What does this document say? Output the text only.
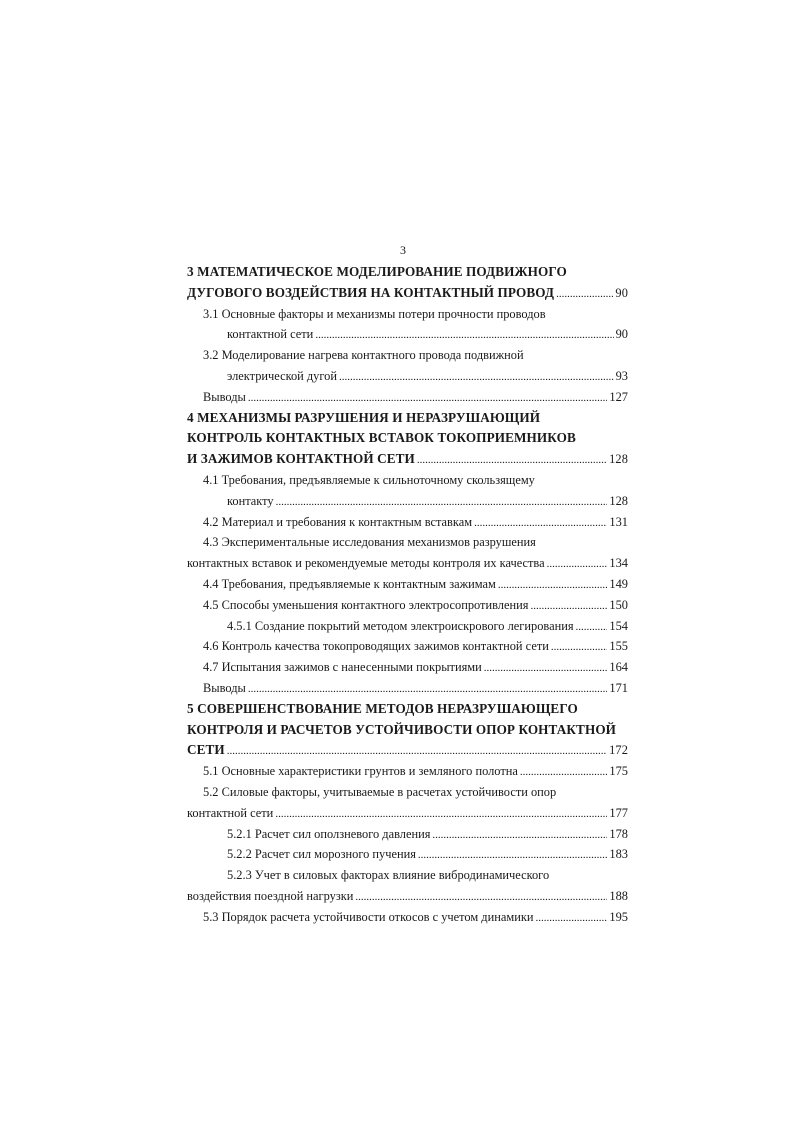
3
3 МАТЕМАТИЧЕСКОЕ МОДЕЛИРОВАНИЕ ПОДВИЖНОГО
ДУГОВОГО ВОЗДЕЙСТВИЯ НА КОНТАКТНЫЙ ПРОВОД .....	90
3.1 Основные факторы и механизмы потери прочности проводов
контактной сети .....	90
3.2 Моделирование нагрева контактного провода подвижной
электрической дугой .....	93
Выводы .....	127
4 МЕХАНИЗМЫ РАЗРУШЕНИЯ И НЕРАЗРУШАЮЩИЙ
КОНТРОЛЬ КОНТАКТНЫХ ВСТАВОК ТОКОПРИЕМНИКОВ
И ЗАЖИМОВ КОНТАКТНОЙ СЕТИ .....	128
4.1 Требования, предъявляемые к сильноточному скользящему
контакту .....	128
4.2 Материал и требования к контактным вставкам .....	131
4.3 Экспериментальные исследования механизмов разрушения
контактных вставок и рекомендуемые методы контроля их качества .....	134
4.4 Требования, предъявляемые к контактным зажимам .....	149
4.5 Способы уменьшения контактного электросопротивления .....	150
4.5.1 Создание покрытий методом электроискрового легирования .....	154
4.6 Контроль качества токопроводящих зажимов контактной сети .....	155
4.7 Испытания зажимов с нанесенными покрытиями .....	164
Выводы .....	171
5 СОВЕРШЕНСТВОВАНИЕ МЕТОДОВ НЕРАЗРУШАЮЩЕГО
КОНТРОЛЯ И РАСЧЕТОВ УСТОЙЧИВОСТИ ОПОР КОНТАКТНОЙ
СЕТИ .....	172
5.1 Основные характеристики грунтов и земляного полотна .....	175
5.2 Силовые факторы, учитываемые в расчетах устойчивости опор
контактной сети .....	177
5.2.1 Расчет сил оползневого давления .....	178
5.2.2 Расчет сил морозного пучения .....	183
5.2.3 Учет в силовых факторах влияние вибродинамического
воздействия поездной нагрузки .....	188
5.3 Порядок расчета устойчивости откосов с учетом динамики .....	195
